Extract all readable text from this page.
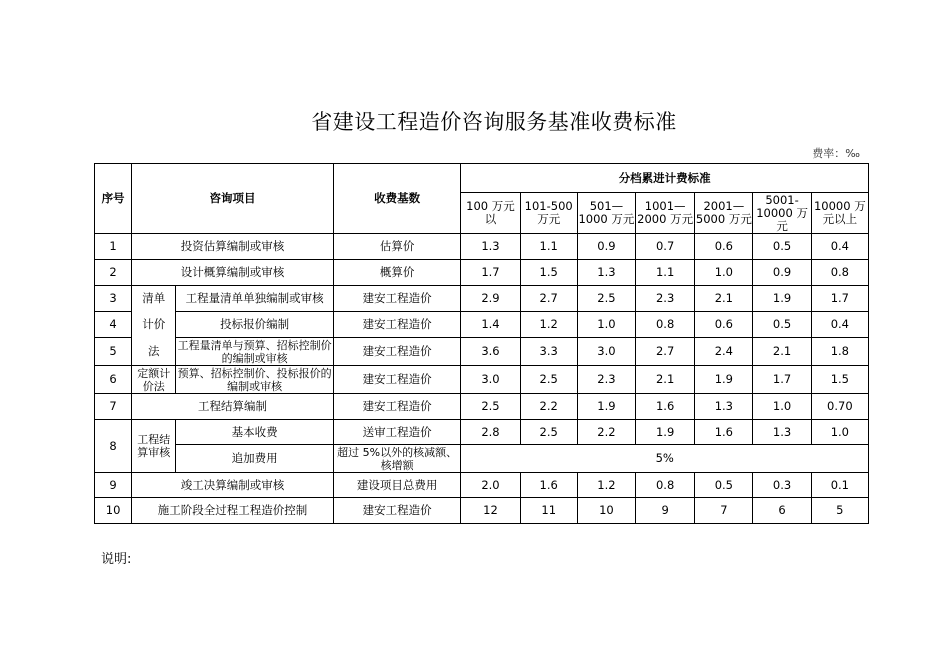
省建设工程造价咨询服务基准收费标准
费率：‰
序号	咨询项目		收费基数	分档累进计费标准						
				100 万元以	101-500 万元	501—1000 万元	1001—2000 万元	2001—5000 万元	5001-10000 万元	10000 万元以上
1	投资估算编制或审核		估算价	1.3	1.1	0.9	0.7	0.6	0.5	0.4
2	设计概算编制或审核		概算价	1.7	1.5	1.3	1.1	1.0	0.9	0.8
3	清单	工程量清单单独编制或审核	建安工程造价	2.9	2.7	2.5	2.3	2.1	1.9	1.7
4	计价	投标报价编制	建安工程造价	1.4	1.2	1.0	0.8	0.6	0.5	0.4
5	法	工程量清单与预算、招标控制价的编制或审核	建安工程造价	3.6	3.3	3.0	2.7	2.4	2.1	1.8
6	定额计价法	预算、招标控制价、投标报价的编制或审核	建安工程造价	3.0	2.5	2.3	2.1	1.9	1.7	1.5
7	工程结算编制		建安工程造价	2.5	2.2	1.9	1.6	1.3	1.0	0.70
8	工程结算审核	基本收费	送审工程造价	2.8	2.5	2.2	1.9	1.6	1.3	1.0
		追加费用	超过 5%以外的核减额、核增额	5%						
9	竣工决算编制或审核		建设项目总费用	2.0	1.6	1.2	0.8	0.5	0.3	0.1
10	施工阶段全过程工程造价控制		建安工程造价	12	11	10	9	7	6	5
说明:
